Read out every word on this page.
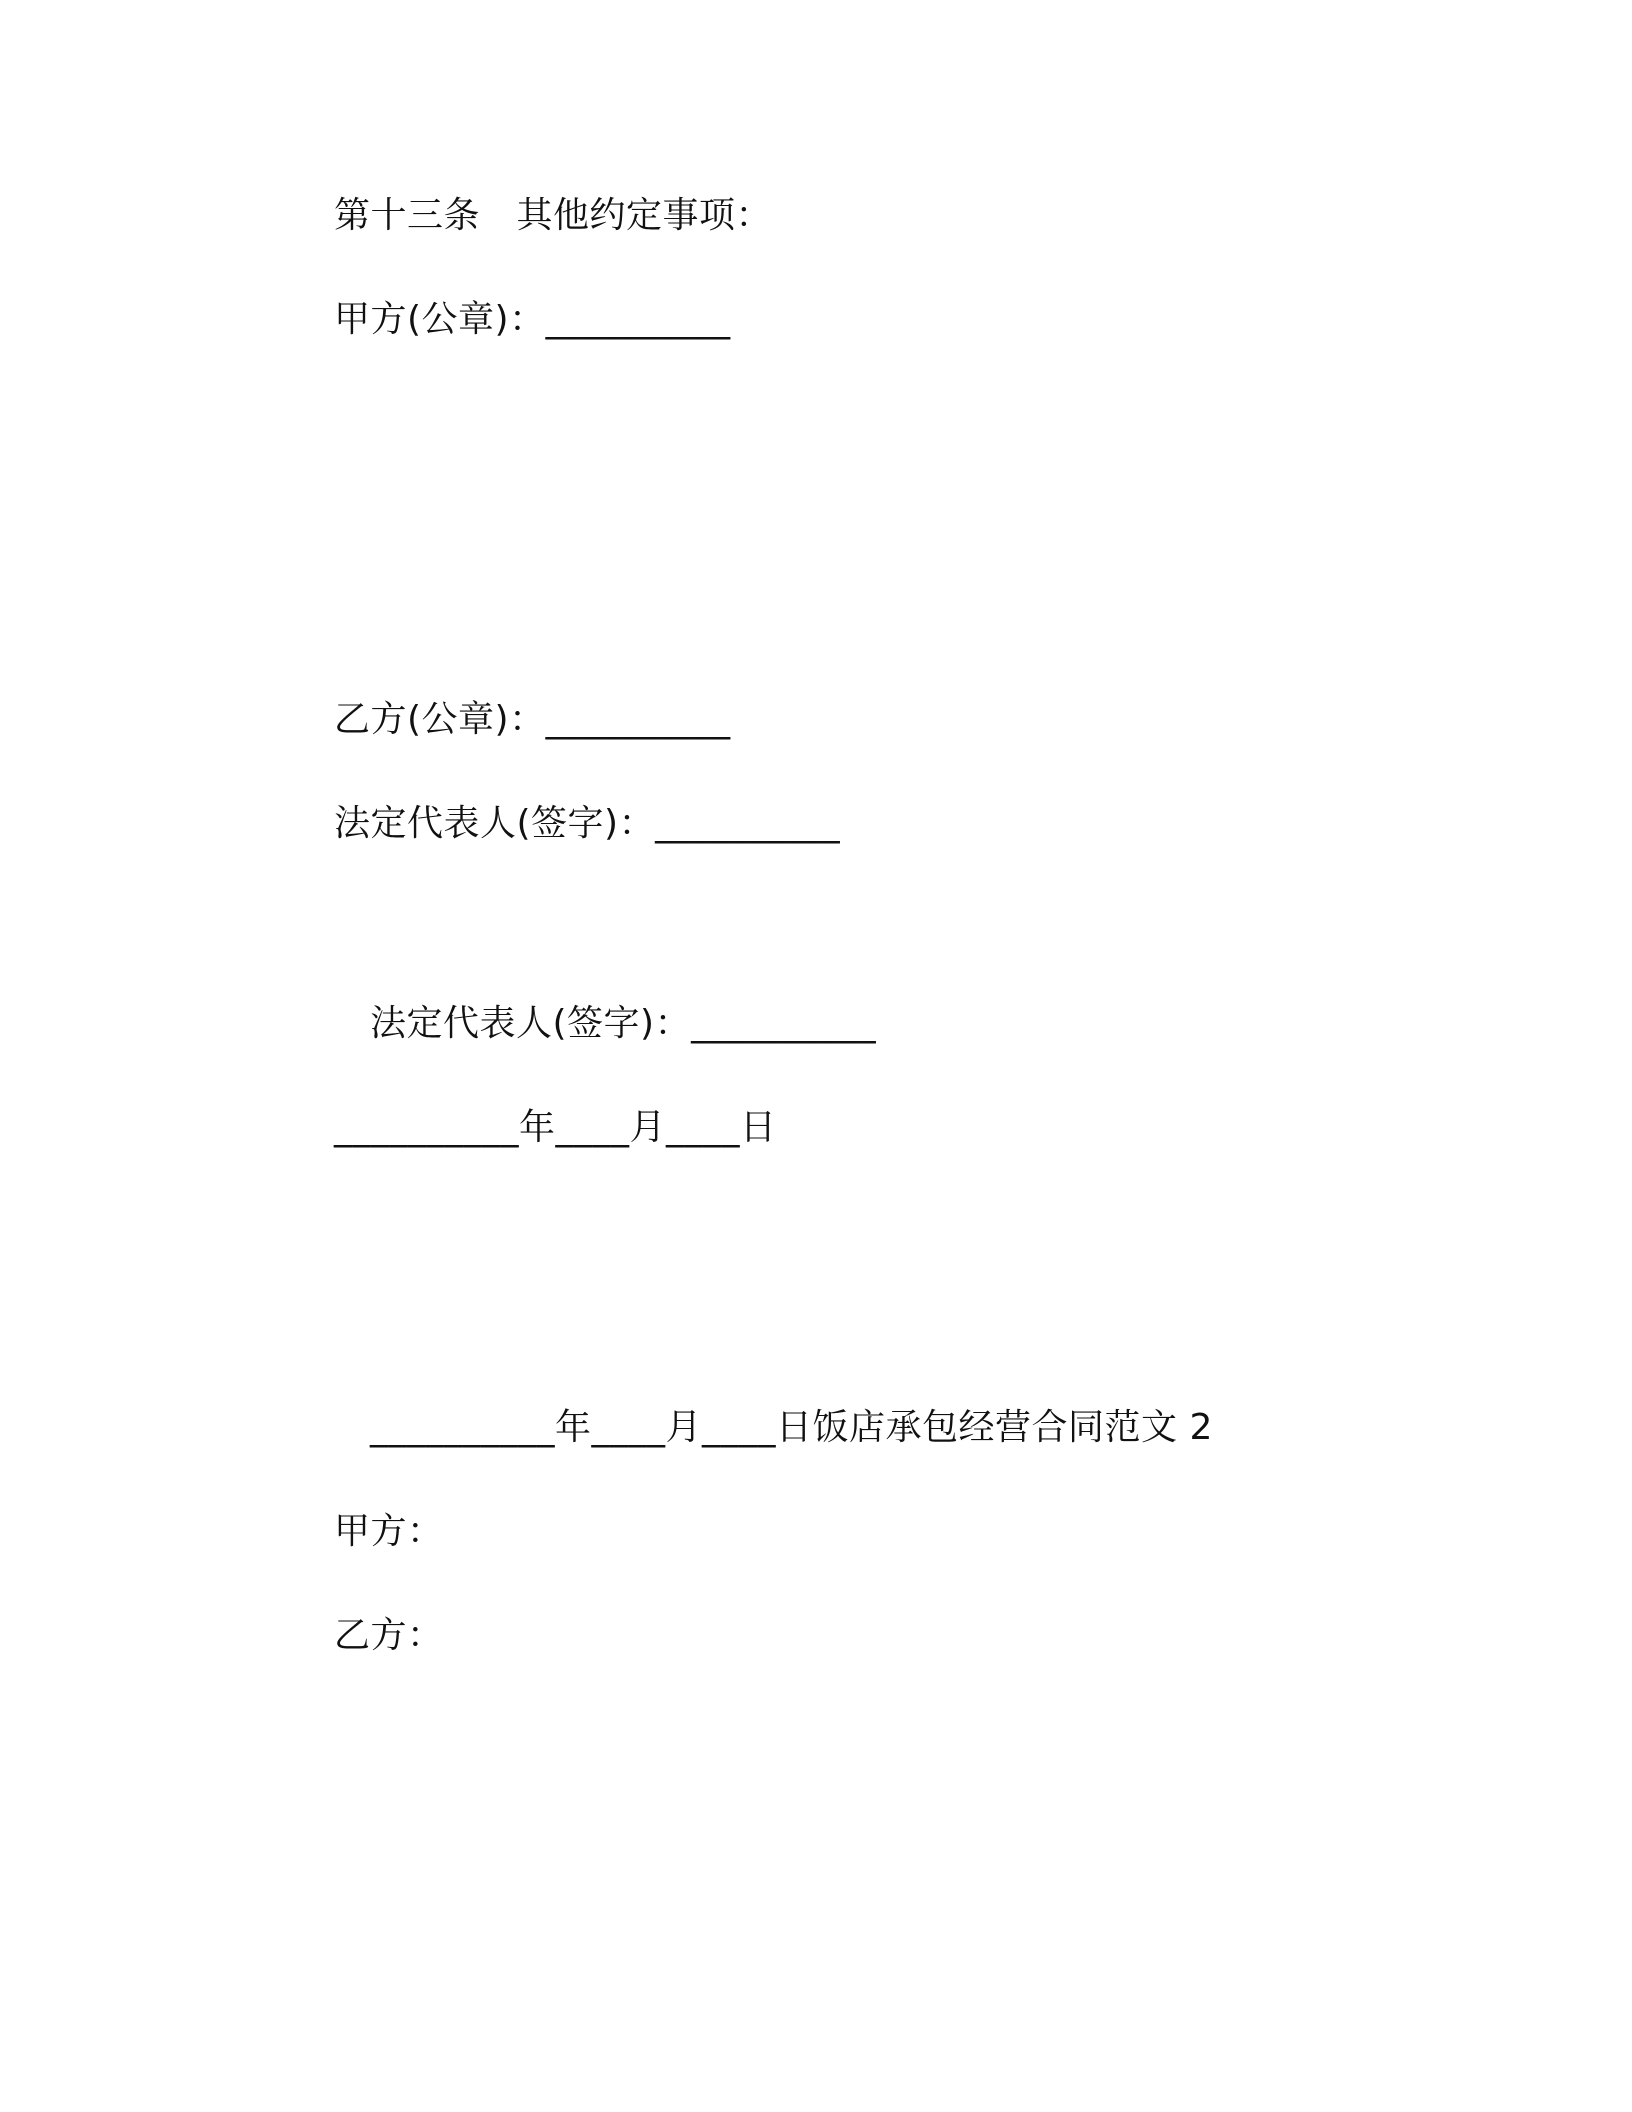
第十三条　其他约定事项：
甲方(公章)：__________
乙方(公章)：__________
法定代表人(签字)：__________
法定代表人(签字)：__________
__________年____月____日
__________年____月____日饭店承包经营合同范文 2
甲方：
乙方：
